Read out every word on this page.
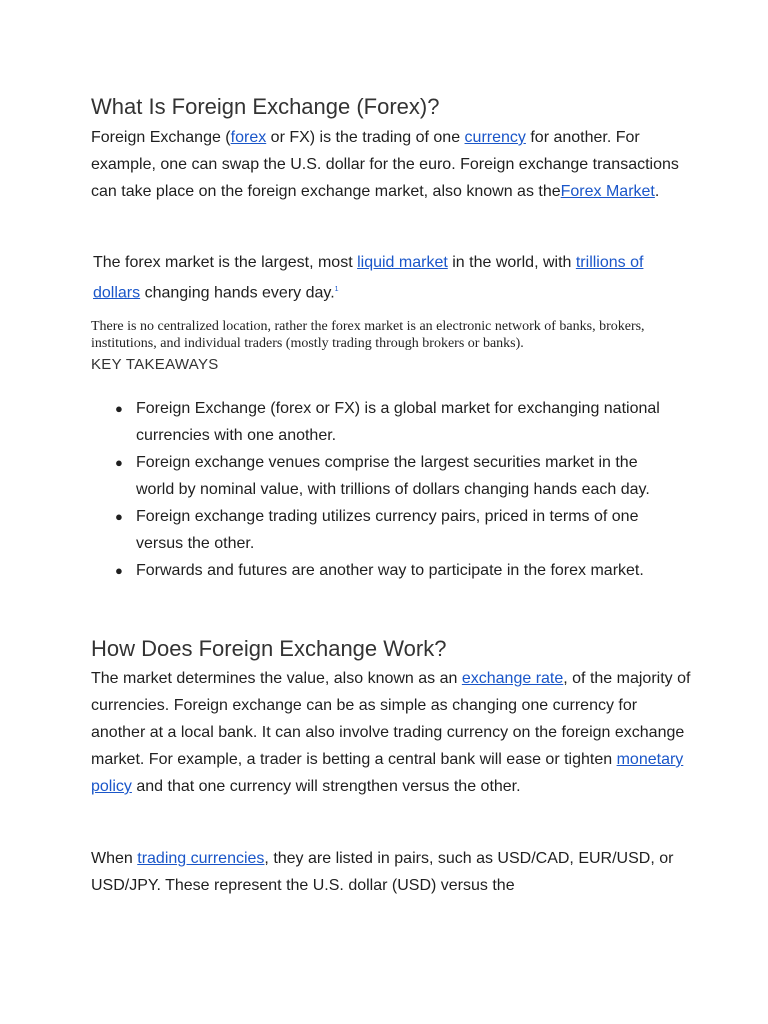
What Is Foreign Exchange (Forex)?

Foreign Exchange (forex or FX) is the trading of one currency for another. For example, one can swap the U.S. dollar for the euro. Foreign exchange transactions can take place on the foreign exchange market, also known as theForex Market.

The forex market is the largest, most liquid market in the world, with trillions of dollars changing hands every day.$^1$

There is no centralized location, rather the forex market is an electronic network of banks, brokers, institutions, and individual traders (mostly trading through brokers or banks).

KEY TAKEAWAYS
● Foreign Exchange (forex or FX) is a global market for exchanging national currencies with one another.
● Foreign exchange venues comprise the largest securities market in the world by nominal value, with trillions of dollars changing hands each day.
● Foreign exchange trading utilizes currency pairs, priced in terms of one versus the other.
● Forwards and futures are another way to participate in the forex market.
How Does Foreign Exchange Work?

The market determines the value, also known as an exchange rate, of the majority of currencies. Foreign exchange can be as simple as changing one currency for another at a local bank. It can also involve trading currency on the foreign exchange market. For example, a trader is betting a central bank will ease or tighten monetary policy and that one currency will strengthen versus the other.

When trading currencies, they are listed in pairs, such as USD/CAD, EUR/USD, or USD/JPY. These represent the U.S. dollar (USD) versus the
